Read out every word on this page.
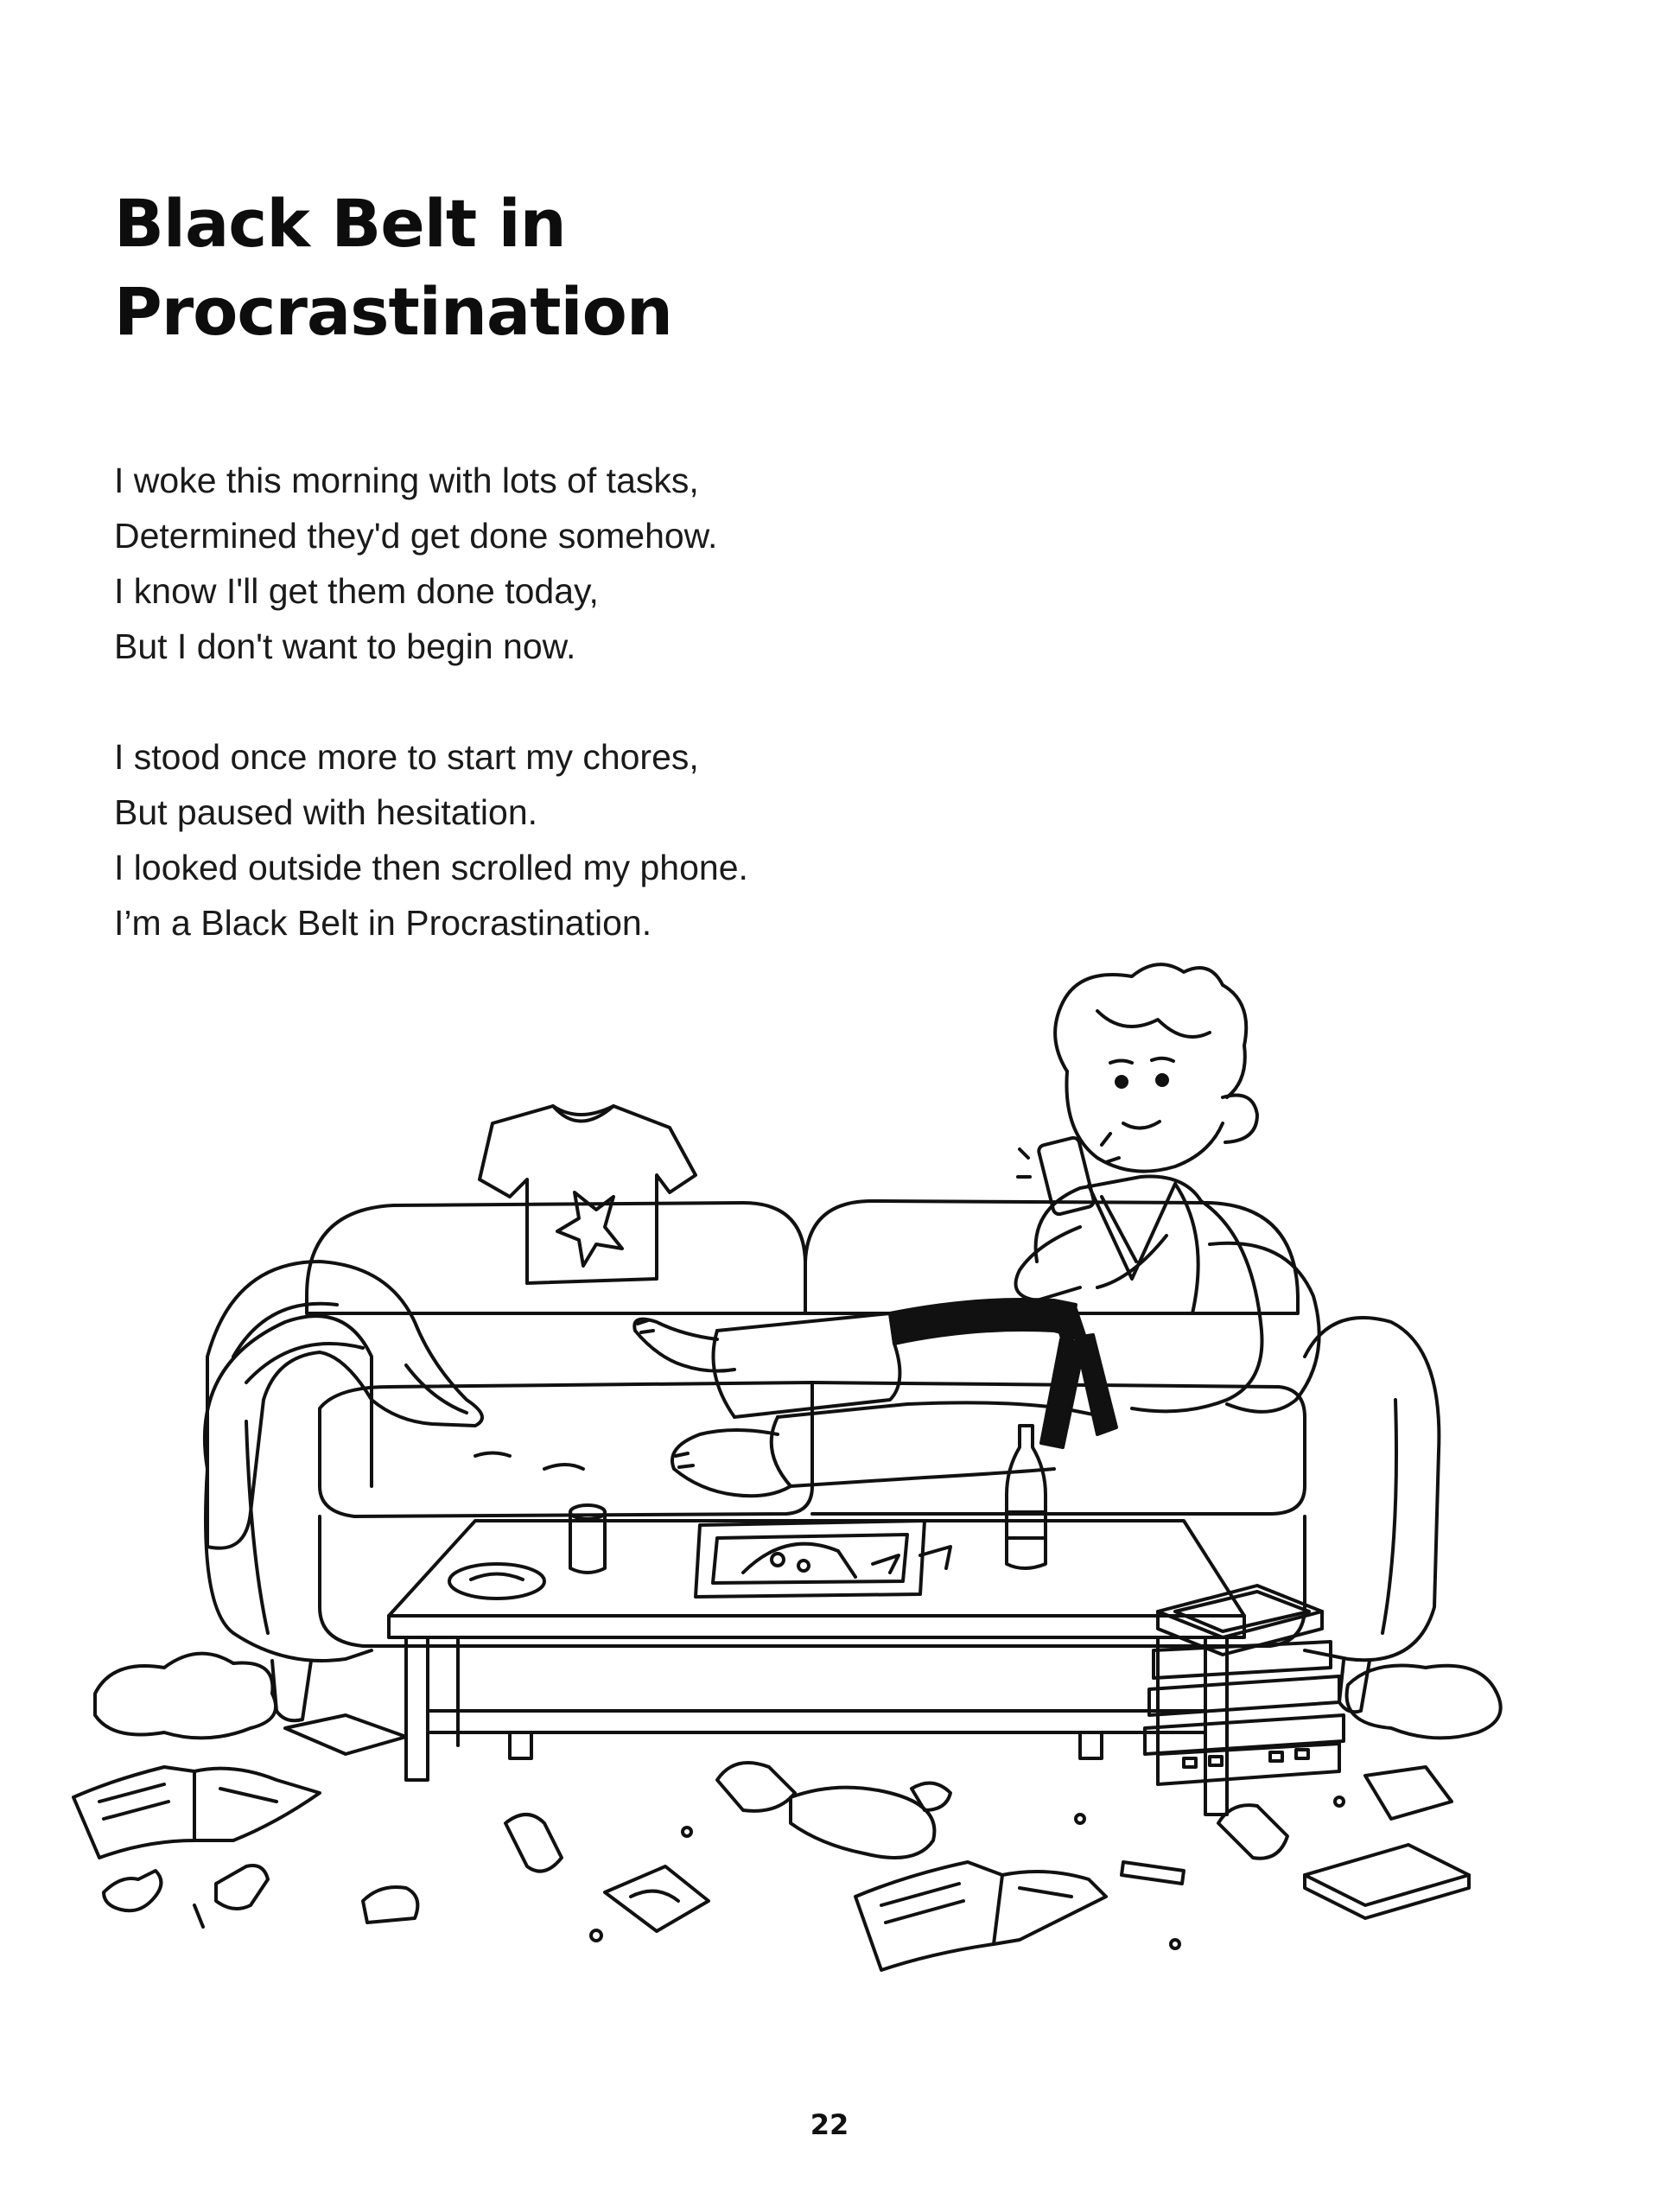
Black Belt in
Procrastination

I woke this morning with lots of tasks,
Determined they'd get done somehow.
I know I'll get them done today,
But I don't want to begin now.

I stood once more to start my chores,
But paused with hesitation.
I looked outside then scrolled my phone.
I’m a Black Belt in Procrastination.

22
